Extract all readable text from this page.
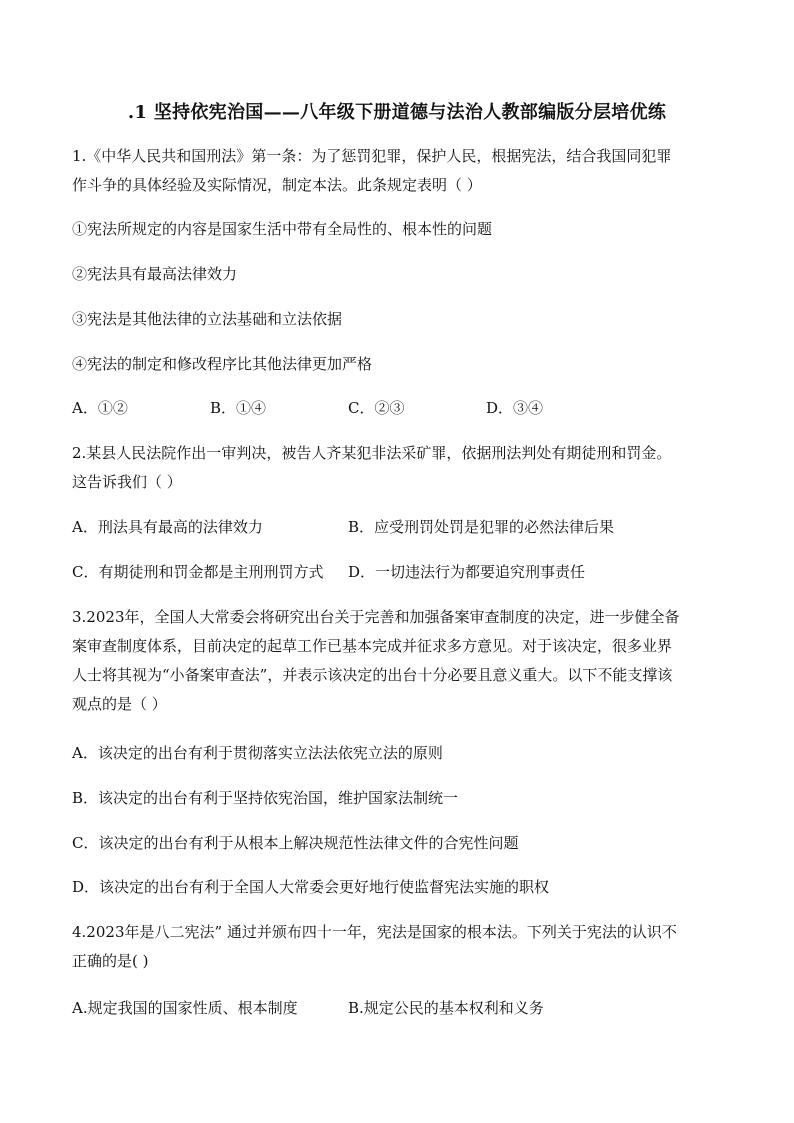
.1 坚持依宪治国——八年级下册道德与法治人教部编版分层培优练
1.《中华人民共和国刑法》第一条：为了惩罚犯罪，保护人民，根据宪法，结合我国同犯罪
作斗争的具体经验及实际情况，制定本法。此条规定表明（ ）
①宪法所规定的内容是国家生活中带有全局性的、根本性的问题
②宪法具有最高法律效力
③宪法是其他法律的立法基础和立法依据
④宪法的制定和修改程序比其他法律更加严格
A．①②	B．①④	C．②③	D．③④
2.某县人民法院作出一审判决，被告人齐某犯非法采矿罪，依据刑法判处有期徒刑和罚金。
这告诉我们（ ）
A．刑法具有最高的法律效力	B．应受刑罚处罚是犯罪的必然法律后果
C．有期徒刑和罚金都是主刑刑罚方式 D．一切违法行为都要追究刑事责任
3.2023年，全国人大常委会将研究出台关于完善和加强备案审查制度的决定，进一步健全备
案审查制度体系，目前决定的起草工作已基本完成并征求多方意见。对于该决定，很多业界
人士将其视为“小备案审查法”，并表示该决定的出台十分必要且意义重大。以下不能支撑该
观点的是（ ）
A．该决定的出台有利于贯彻落实立法法依宪立法的原则
B．该决定的出台有利于坚持依宪治国，维护国家法制统一
C．该决定的出台有利于从根本上解决规范性法律文件的合宪性问题
D．该决定的出台有利于全国人大常委会更好地行使监督宪法实施的职权
4.2023年是八二宪法” 通过并颁布四十一年，宪法是国家的根本法。下列关于宪法的认识不
正确的是( )
A.规定我国的国家性质、根本制度	B.规定公民的基本权利和义务
